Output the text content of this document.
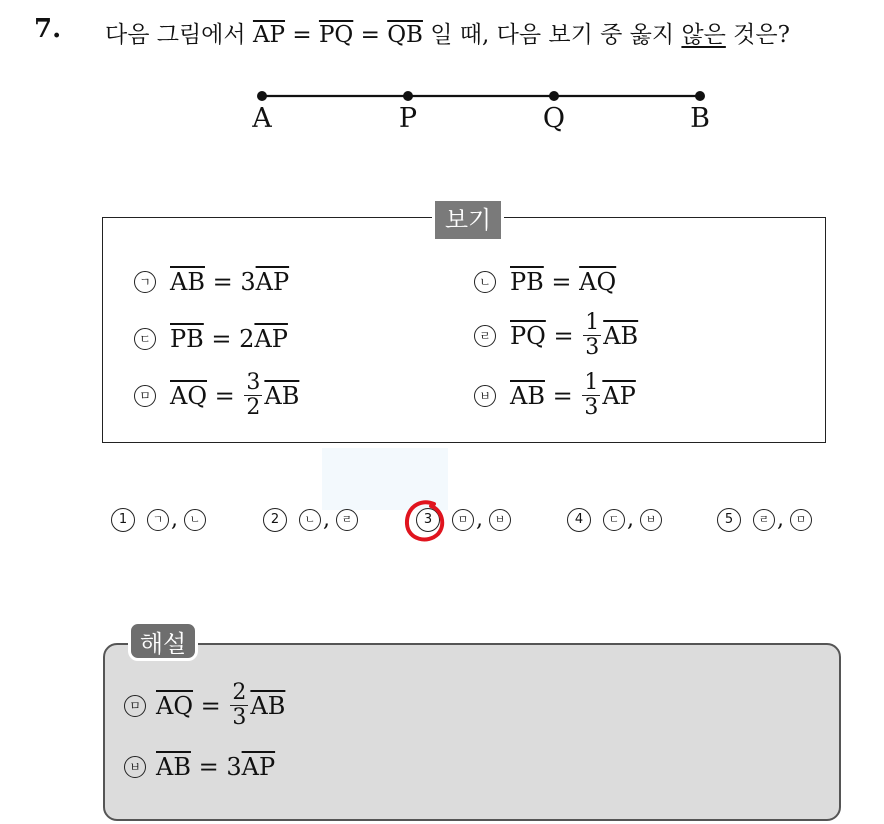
7. 다음 그림에서 $\overline{AP} = \overline{PQ} = \overline{QB}$ 일 때, 다음 보기 중 옳지 않은 것은?
A	P	Q	B
보기
ㄱ $\overline{AB} = 3$ $\overline{AP}$	ㄴ $\overline{PB} = \overline{AQ}$
ㄷ $\overline{PB} = 2$ $\overline{AP}$	ㄹ $\overline{PQ} = \frac{1}{3} \overline{AB}$
ㅁ $\overline{AQ} = \frac{3}{2} \overline{AB}$	ㅂ $\overline{AB} = \frac{1}{3} \overline{AP}$
1	ㄱ ,	ㄴ	2	ㄴ ,	ㄹ	3	ㅁ ,	ㅂ	4	ㄷ ,	ㅂ	5	ㄹ ,	ㅁ
해설
ㅁ $\overline{AQ} = \frac{2}{3} \overline{AB}$
ㅂ $\overline{AB} = 3$ $\overline{AP}$
